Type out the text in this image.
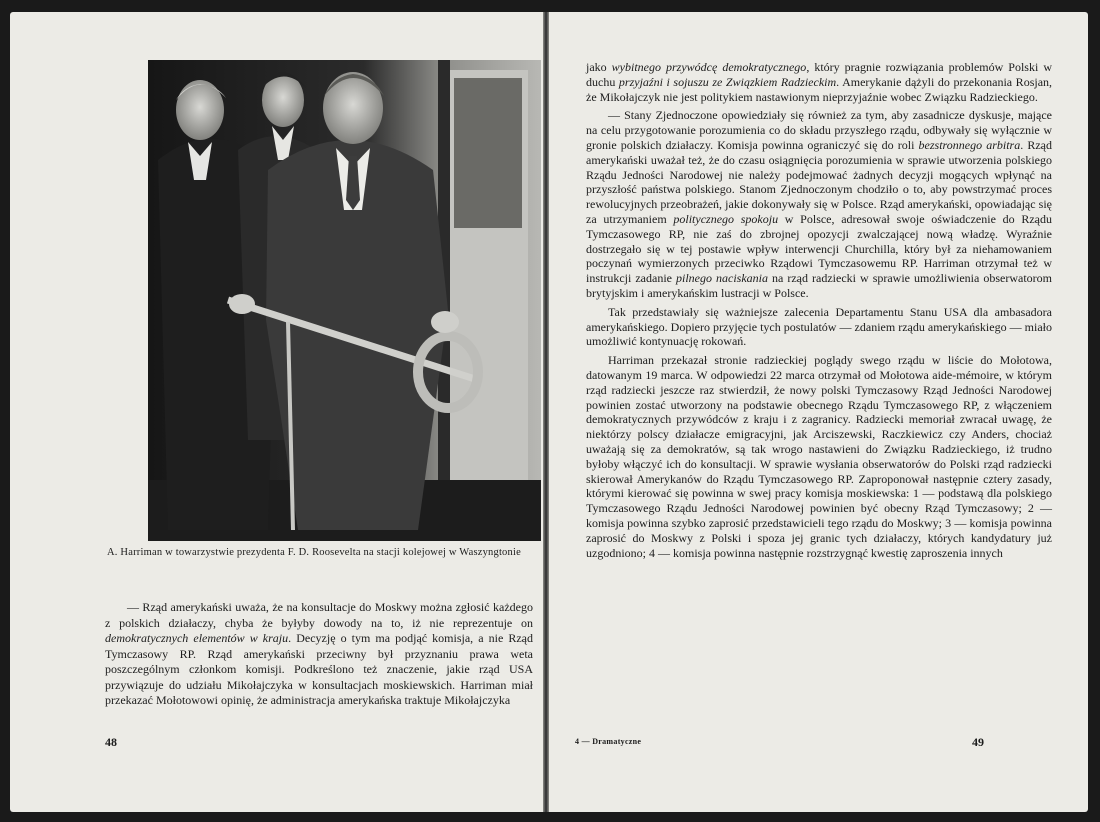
A. Harriman w towarzystwie prezydenta F. D. Roosevelta na stacji kolejowej w Waszyngtonie

— Rząd amerykański uważa, że na konsultacje do Moskwy można zgłosić każdego z polskich działaczy, chyba że byłyby dowody na to, iż nie reprezentuje on demokratycznych elementów w kraju. Decyzję o tym ma podjąć komisja, a nie Rząd Tymczasowy RP. Rząd amerykański przeciwny był przyznaniu prawa weta poszczególnym członkom komisji. Podkreślono też znaczenie, jakie rząd USA przywiązuje do udziału Mikołajczyka w konsultacjach moskiewskich. Harriman miał przekazać Mołotowowi opinię, że administracja amerykańska traktuje Mikołajczyka

48

jako wybitnego przywódcę demokratycznego, który pragnie rozwiązania problemów Polski w duchu przyjaźni i sojuszu ze Związkiem Radzieckim. Amerykanie dążyli do przekonania Rosjan, że Mikołajczyk nie jest politykiem nastawionym nieprzyjaźnie wobec Związku Radzieckiego.

— Stany Zjednoczone opowiedziały się również za tym, aby zasadnicze dyskusje, mające na celu przygotowanie porozumienia co do składu przyszłego rządu, odbywały się wyłącznie w gronie polskich działaczy. Komisja powinna ograniczyć się do roli bezstronnego arbitra. Rząd amerykański uważał też, że do czasu osiągnięcia porozumienia w sprawie utworzenia polskiego Rządu Jedności Narodowej nie należy podejmować żadnych decyzji mogących wpłynąć na przyszłość państwa polskiego. Stanom Zjednoczonym chodziło o to, aby powstrzymać proces rewolucyjnych przeobrażeń, jakie dokonywały się w Polsce. Rząd amerykański, opowiadając się za utrzymaniem politycznego spokoju w Polsce, adresował swoje oświadczenie do Rządu Tymczasowego RP, nie zaś do zbrojnej opozycji zwalczającej nową władzę. Wyraźnie dostrzegało się w tej postawie wpływ interwencji Churchilla, który był za niehamowaniem poczynań wymierzonych przeciwko Rządowi Tymczasowemu RP. Harriman otrzymał też w instrukcji zadanie pilnego naciskania na rząd radziecki w sprawie umożliwienia obserwatorom brytyjskim i amerykańskim lustracji w Polsce.

Tak przedstawiały się ważniejsze zalecenia Departamentu Stanu USA dla ambasadora amerykańskiego. Dopiero przyjęcie tych postulatów — zdaniem rządu amerykańskiego — miało umożliwić kontynuację rokowań.

Harriman przekazał stronie radzieckiej poglądy swego rządu w liście do Mołotowa, datowanym 19 marca. W odpowiedzi 22 marca otrzymał od Mołotowa aide-mémoire, w którym rząd radziecki jeszcze raz stwierdził, że nowy polski Tymczasowy Rząd Jedności Narodowej powinien zostać utworzony na podstawie obecnego Rządu Tymczasowego RP, z włączeniem demokratycznych przywódców z kraju i z zagranicy. Radziecki memoriał zwracał uwagę, że niektórzy polscy działacze emigracyjni, jak Arciszewski, Raczkiewicz czy Anders, chociaż uważają się za demokratów, są tak wrogo nastawieni do Związku Radzieckiego, iż trudno byłoby włączyć ich do konsultacji. W sprawie wysłania obserwatorów do Polski rząd radziecki skierował Amerykanów do Rządu Tymczasowego RP. Zaproponował następnie cztery zasady, którymi kierować się powinna w swej pracy komisja moskiewska: 1 — podstawą dla polskiego Tymczasowego Rządu Jedności Narodowej powinien być obecny Rząd Tymczasowy; 2 — komisja powinna szybko zaprosić przedstawicieli tego rządu do Moskwy; 3 — komisja powinna zaprosić do Moskwy z Polski i spoza jej granic tych działaczy, których kandydatury już uzgodniono; 4 — komisja powinna następnie rozstrzygnąć kwestię zaproszenia innych

4 — Dramatyczne	49
